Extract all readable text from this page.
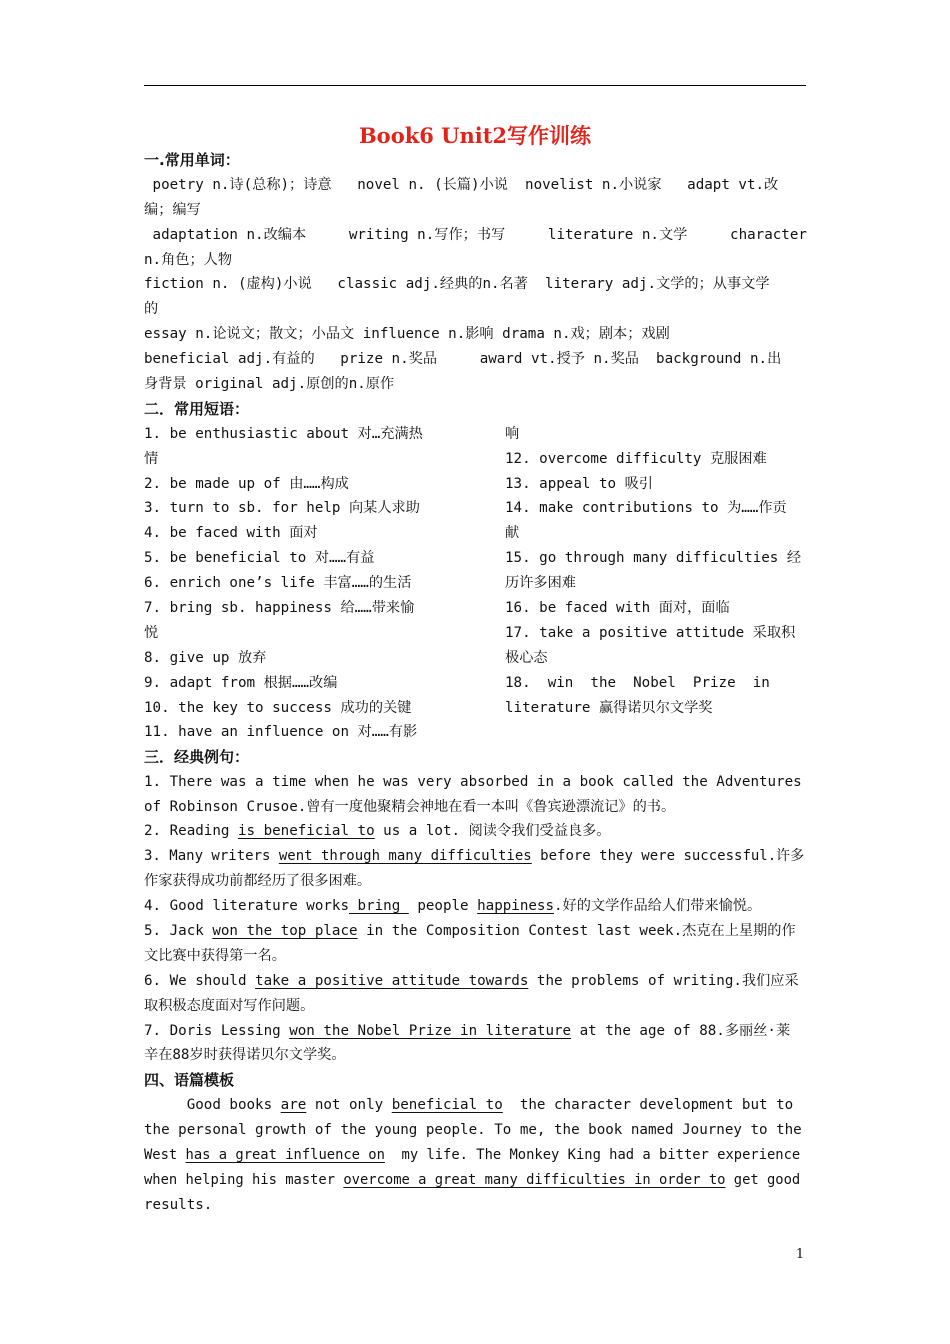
Book6 Unit2写作训练
一.常用单词：
poetry n.诗(总称)；诗意   novel n. (长篇)小说  novelist n.小说家   adapt vt.改
编；编写
adaptation n.改编本     writing n.写作；书写     literature n.文学     character
n.角色；人物
fiction n. (虚构)小说   classic adj.经典的n.名著  literary adj.文学的；从事文学
的
essay n.论说文；散文；小品文 influence n.影响 drama n.戏；剧本；戏剧
beneficial adj.有益的   prize n.奖品     award vt.授予 n.奖品  background n.出
身背景 original adj.原创的n.原作
二．常用短语：
1. be enthusiastic about 对…充满热
情
2. be made up of 由……构成
3. turn to sb. for help 向某人求助
4. be faced with 面对
5. be beneficial to 对……有益
6. enrich one’s life 丰富……的生活
7. bring sb. happiness 给……带来愉
悦
8. give up 放弃
9. adapt from 根据……改编
10. the key to success 成功的关键
11. have an influence on 对……有影
响
12. overcome difficulty 克服困难
13. appeal to 吸引
14. make contributions to 为……作贡
献
15. go through many difficulties 经
历许多困难
16. be faced with 面对，面临
17. take a positive attitude 采取积
极心态
18.  win  the  Nobel  Prize  in
literature 赢得诺贝尔文学奖
三．经典例句：
1. There was a time when he was very absorbed in a book called the Adventures
of Robinson Crusoe.曾有一度他聚精会神地在看一本叫《鲁宾逊漂流记》的书。
2. Reading is beneficial to us a lot. 阅读令我们受益良多。
3. Many writers went through many difficulties before they were successful.许多
作家获得成功前都经历了很多困难。
4. Good literature works bring  people happiness.好的文学作品给人们带来愉悦。
5. Jack won the top place in the Composition Contest last week.杰克在上星期的作
文比赛中获得第一名。
6. We should take a positive attitude towards the problems of writing.我们应采
取积极态度面对写作问题。
7. Doris Lessing won the Nobel Prize in literature at the age of 88.多丽丝·莱
辛在88岁时获得诺贝尔文学奖。
四、语篇模板
Good books are not only beneficial to  the character development but to
the personal growth of the young people. To me, the book named Journey to the
West has a great influence on  my life. The Monkey King had a bitter experience
when helping his master overcome a great many difficulties in order to get good
results.
1
